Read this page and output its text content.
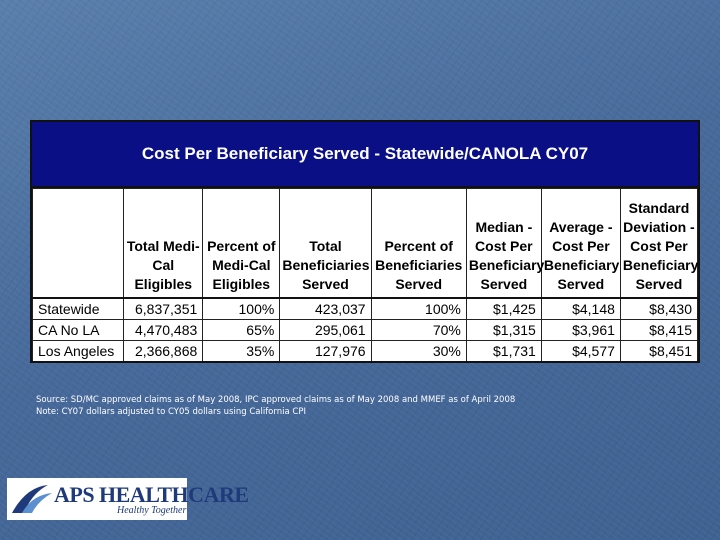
Cost Per Beneficiary Served - Statewide/CANOLA CY07
	Total Medi-Cal Eligibles	Percent of Medi-Cal Eligibles	Total Beneficiaries Served	Percent of Beneficiaries Served	Median - Cost Per Beneficiary Served	Average - Cost Per Beneficiary Served	Standard Deviation - Cost Per Beneficiary Served
Statewide	6,837,351	100%	423,037	100%	$1,425	$4,148	$8,430
CA No LA	4,470,483	65%	295,061	70%	$1,315	$3,961	$8,415
Los Angeles	2,366,868	35%	127,976	30%	$1,731	$4,577	$8,451
Source: SD/MC approved claims as of May 2008, IPC approved claims as of May 2008 and MMEF as of April 2008
Note: CY07 dollars adjusted to CY05 dollars using California CPI
APS HEALTHCARE
Healthy Together
